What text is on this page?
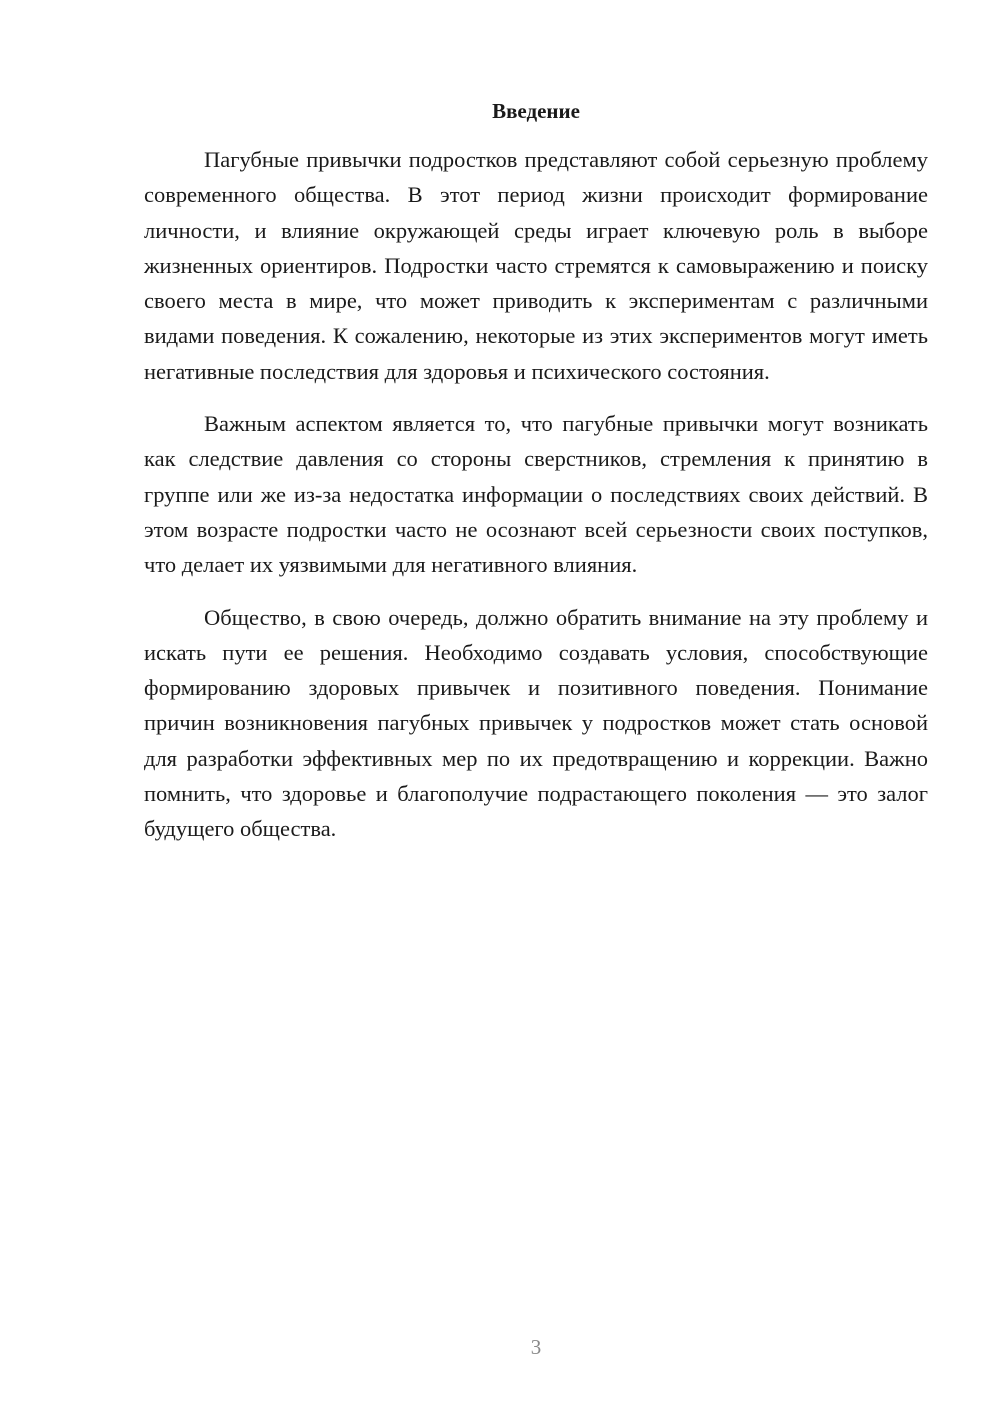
Введение

Пагубные привычки подростков представляют собой серьезную проблему современного общества. В этот период жизни происходит формирование личности, и влияние окружающей среды играет ключевую роль в выборе жизненных ориентиров. Подростки часто стремятся к самовыражению и поиску своего места в мире, что может приводить к экспериментам с различными видами поведения. К сожалению, некоторые из этих экспериментов могут иметь негативные последствия для здоровья и психического состояния.

Важным аспектом является то, что пагубные привычки могут возникать как следствие давления со стороны сверстников, стремления к принятию в группе или же из-за недостатка информации о последствиях своих действий. В этом возрасте подростки часто не осознают всей серьезности своих поступков, что делает их уязвимыми для негативного влияния.

Общество, в свою очередь, должно обратить внимание на эту проблему и искать пути ее решения. Необходимо создавать условия, способствующие формированию здоровых привычек и позитивного поведения. Понимание причин возникновения пагубных привычек у подростков может стать основой для разработки эффективных мер по их предотвращению и коррекции. Важно помнить, что здоровье и благополучие подрастающего поколения — это залог будущего общества.

3
